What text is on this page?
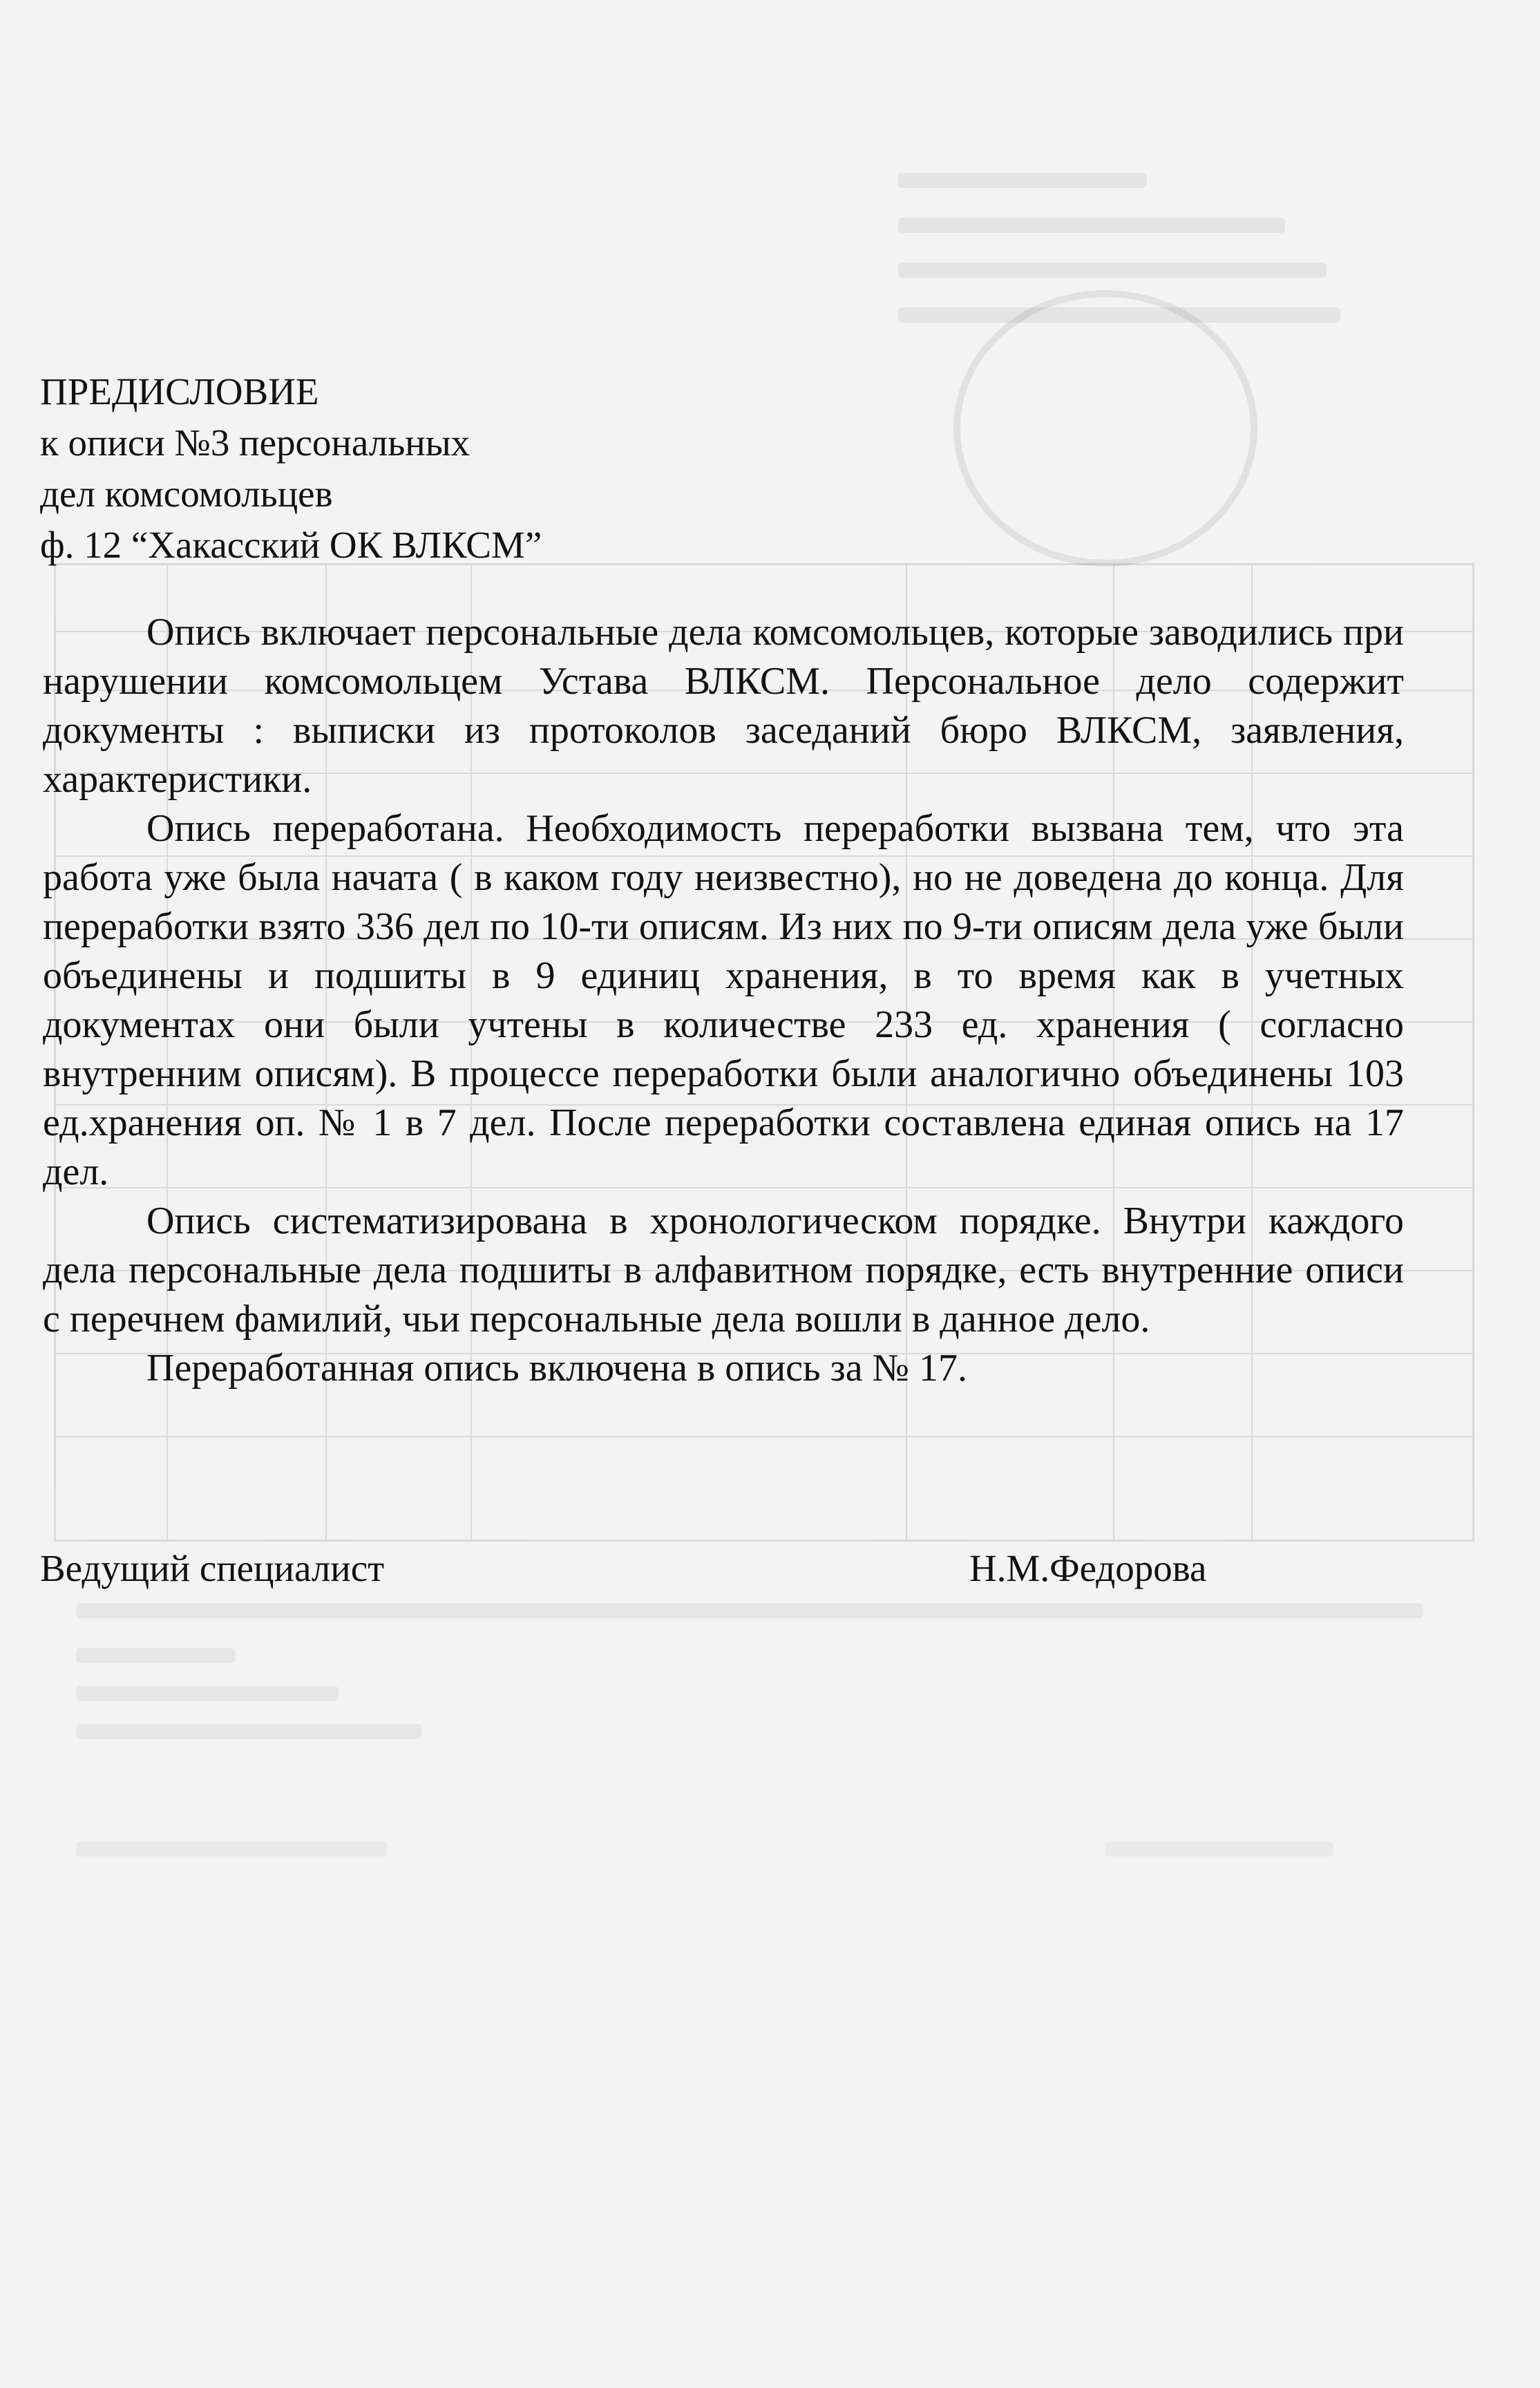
ПРЕДИСЛОВИЕ
к описи №3 персональных
дел комсомольцев
ф. 12 “Хакасский ОК ВЛКСМ”

Опись включает персональные дела комсомольцев, которые заводились при нарушении комсомольцем Устава ВЛКСМ. Персональное дело содержит документы : выписки из протоколов заседаний бюро ВЛКСМ, заявления, характеристики.

Опись переработана. Необходимость переработки вызвана тем, что эта работа уже была начата ( в каком году неизвестно), но не доведена до конца. Для переработки взято 336 дел по 10-ти описям. Из них по 9-ти описям дела уже были объединены и подшиты в 9 единиц хранения, в то время как в учетных документах они были учтены в количестве 233 ед. хранения ( согласно внутренним описям). В процессе переработки были аналогично объединены 103 ед.хранения оп. № 1 в 7 дел. После переработки составлена единая опись на 17 дел.

Опись систематизирована в хронологическом порядке. Внутри каждого дела персональные дела подшиты в алфавитном порядке, есть внутренние описи с перечнем фамилий, чьи персональные дела вошли в данное дело.

Переработанная опись включена в опись за № 17.

Ведущий специалист	Н.М.Федорова
